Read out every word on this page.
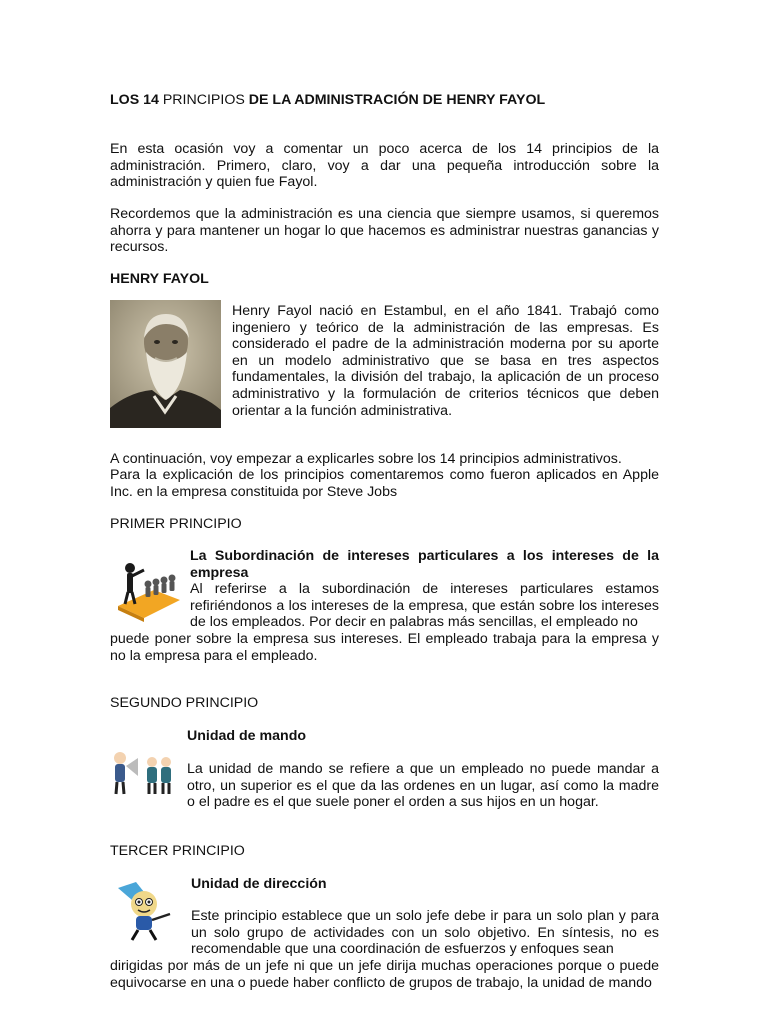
LOS 14 PRINCIPIOS DE LA ADMINISTRACIÓN DE HENRY FAYOL

En esta ocasión voy a comentar un poco acerca de los 14 principios de la administración. Primero, claro, voy a dar una pequeña introducción sobre la administración y quien fue Fayol.

Recordemos que la administración es una ciencia que siempre usamos, si queremos ahorra y para mantener un hogar lo que hacemos es administrar nuestras ganancias y recursos.

HENRY FAYOL

Henry Fayol nació en Estambul, en el año 1841. Trabajó como ingeniero y teórico de la administración de las empresas. Es considerado el padre de la administración moderna por su aporte en un modelo administrativo que se basa en tres aspectos fundamentales, la división del trabajo, la aplicación de un proceso administrativo y la formulación de criterios técnicos que deben orientar a la función administrativa.

A continuación, voy empezar a explicarles sobre los 14 principios administrativos.

Para la explicación de los principios comentaremos como fueron aplicados en Apple Inc. en la empresa constituida por Steve Jobs

PRIMER PRINCIPIO

La Subordinación de intereses particulares a los intereses de la empresa

Al referirse a la subordinación de intereses particulares estamos refiriéndonos a los intereses de la empresa, que están sobre los intereses de los empleados. Por decir en palabras más sencillas, el empleado no

puede poner sobre la empresa sus intereses. El empleado trabaja para la empresa y no la empresa para el empleado.

SEGUNDO PRINCIPIO

Unidad de mando

La unidad de mando se refiere a que un empleado no puede mandar a otro, un superior es el que da las ordenes en un lugar, así como la madre o el padre es el que suele poner el orden a sus hijos en un hogar.

TERCER PRINCIPIO

Unidad de dirección

Este principio establece que un solo jefe debe ir para un solo plan y para un solo grupo de actividades con un solo objetivo. En síntesis, no es recomendable que una coordinación de esfuerzos y enfoques sean

dirigidas por más de un jefe ni que un jefe dirija muchas operaciones porque o puede equivocarse en una o puede haber conflicto de grupos de trabajo, la unidad de mando
